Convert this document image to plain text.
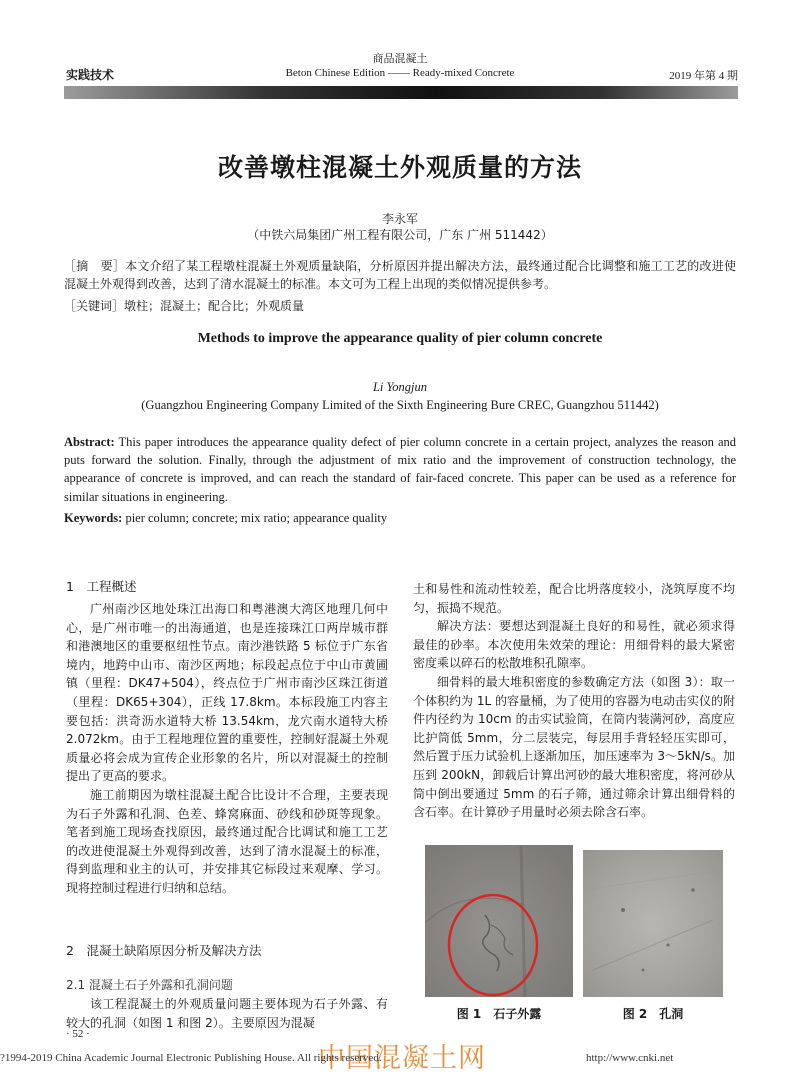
商品混凝土
实践技术	Beton Chinese Edition —— Ready-mixed Concrete	2019 年第 4 期
改善墩柱混凝土外观质量的方法
李永军
（中铁六局集团广州工程有限公司，广东 广州 511442）
［摘　要］本文介绍了某工程墩柱混凝土外观质量缺陷，分析原因并提出解决方法，最终通过配合比调整和施工工艺的改进使混凝土外观得到改善，达到了清水混凝土的标准。本文可为工程上出现的类似情况提供参考。
［关键词］墩柱；混凝土；配合比；外观质量
Methods to improve the appearance quality of pier column concrete
Li Yongjun
(Guangzhou Engineering Company Limited of the Sixth Engineering Bure CREC, Guangzhou 511442)
Abstract: This paper introduces the appearance quality defect of pier column concrete in a certain project, analyzes the reason and puts forward the solution. Finally, through the adjustment of mix ratio and the improvement of construction technology, the appearance of concrete is improved, and can reach the standard of fair-faced concrete. This paper can be used as a reference for similar situations in engineering.
Keywords: pier column; concrete; mix ratio; appearance quality
1　工程概述

广州南沙区地处珠江出海口和粤港澳大湾区地理几何中心，是广州市唯一的出海通道，也是连接珠江口两岸城市群和港澳地区的重要枢纽性节点。南沙港铁路 5 标位于广东省境内，地跨中山市、南沙区两地；标段起点位于中山市黄圃镇（里程：DK47+504），终点位于广州市南沙区珠江街道（里程：DK65+304），正线 17.8km。本标段施工内容主要包括：洪奇沥水道特大桥 13.54km，龙穴南水道特大桥 2.072km。由于工程地理位置的重要性，控制好混凝土外观质量必将会成为宣传企业形象的名片，所以对混凝土的控制提出了更高的要求。

施工前期因为墩柱混凝土配合比设计不合理，主要表现为石子外露和孔洞、色差、蜂窝麻面、砂线和砂斑等现象。笔者到施工现场查找原因，最终通过配合比调试和施工工艺的改进使混凝土外观得到改善，达到了清水混凝土的标准，得到监理和业主的认可，并安排其它标段过来观摩、学习。现将控制过程进行归纳和总结。

2　混凝土缺陷原因分析及解决方法
2.1 混凝土石子外露和孔洞问题

该工程混凝土的外观质量问题主要体现为石子外露、有较大的孔洞（如图 1 和图 2）。主要原因为混凝

土和易性和流动性较差，配合比坍落度较小，浇筑厚度不均匀，振捣不规范。

解决方法：要想达到混凝土良好的和易性，就必须求得最佳的砂率。本次使用朱效荣的理论：用细骨料的最大紧密密度乘以碎石的松散堆积孔隙率。

细骨料的最大堆积密度的参数确定方法（如图 3）：取一个体积约为 1L 的容量桶，为了使用的容器为电动击实仪的附件内径约为 10cm 的击实试验筒，在筒内装满河砂，高度应比护筒低 5mm，分二层装完，每层用手背轻轻压实即可，然后置于压力试验机上逐渐加压，加压速率为 3～5kN/s。加压到 200kN，卸载后计算出河砂的最大堆积密度，将河砂从筒中倒出要通过 5mm 的石子筛，通过筛余计算出细骨料的含石率。在计算砂子用量时必须去除含石率。

图 1　石子外露	图 2　孔洞
· 52 ·
中国混凝土网
?1994-2019 China Academic Journal Electronic Publishing House. All rights reserved.	http://www.cnki.net
